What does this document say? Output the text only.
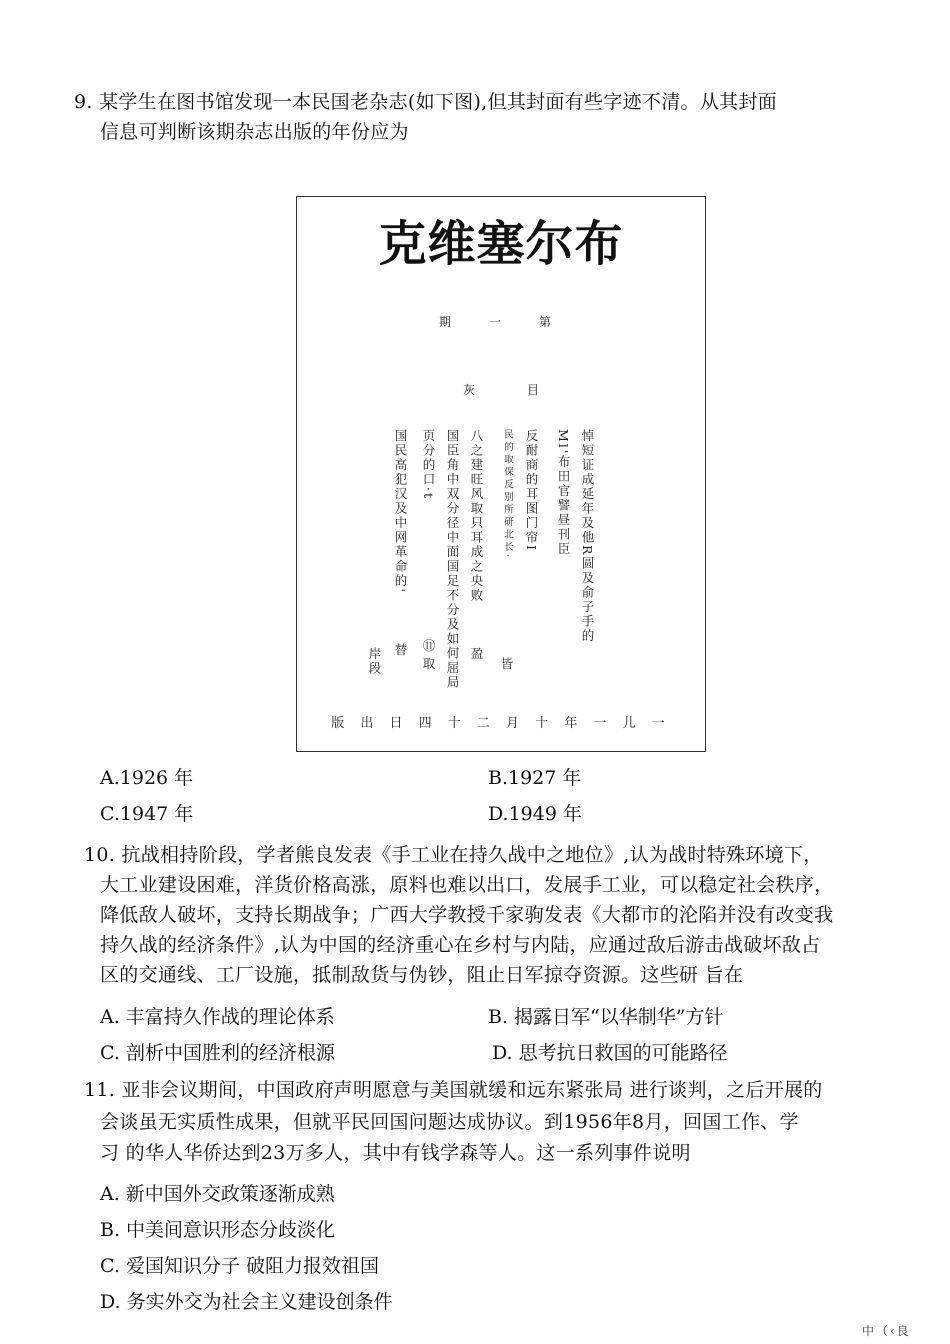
9. 某学生在图书馆发现一本民国老杂志(如下图),但其封面有些字迹不清。从其封面
信息可判断该期杂志出版的年份应为
克维塞尔布
期	一	第
灰	目
悼短证成延年及他R圆及俞子手的
Ml'布田官譬昼刊臣
反耐商的耳图门帘I
民的取保反别所研北长·
皆
八之建旺风取只耳成之央败
盈
国臣角中双分径中面国足不分及如何屈局
取
页分的口·t
⑪
国民高犯汉及中网革命的'
替
岸段
版 出 日 四 十 二 月 十 年 一 儿 一
A.1926 年	B.1927 年
C.1947 年	D.1949 年
10. 抗战相持阶段，学者熊良发表《手工业在持久战中之地位》,认为战时特殊环境下，
大工业建设困难，洋货价格高涨，原料也难以出口，发展手工业，可以稳定社会秩序，
降低敌人破坏，支持长期战争；广西大学教授千家驹发表《大都市的沦陷并没有改变我
持久战的经济条件》,认为中国的经济重心在乡村与内陆，应通过敌后游击战破坏敌占
区的交通线、工厂设施，抵制敌货与伪钞，阻止日军掠夺资源。这些研 旨在
A. 丰富持久作战的理论体系	B. 揭露日军“以华制华”方针
C. 剖析中国胜利的经济根源	D. 思考抗日救国的可能路径
11. 亚非会议期间，中国政府声明愿意与美国就缓和远东紧张局 进行谈判，之后开展的
会谈虽无实质性成果，但就平民回国问题达成协议。到1956年8月，回国工作、学
习 的华人华侨达到23万多人，其中有钱学森等人。这一系列事件说明
A. 新中国外交政策逐渐成熟
B. 中美间意识形态分歧淡化
C. 爱国知识分子 破阻力报效祖国
D. 务实外交为社会主义建设创条件
中（‹良
